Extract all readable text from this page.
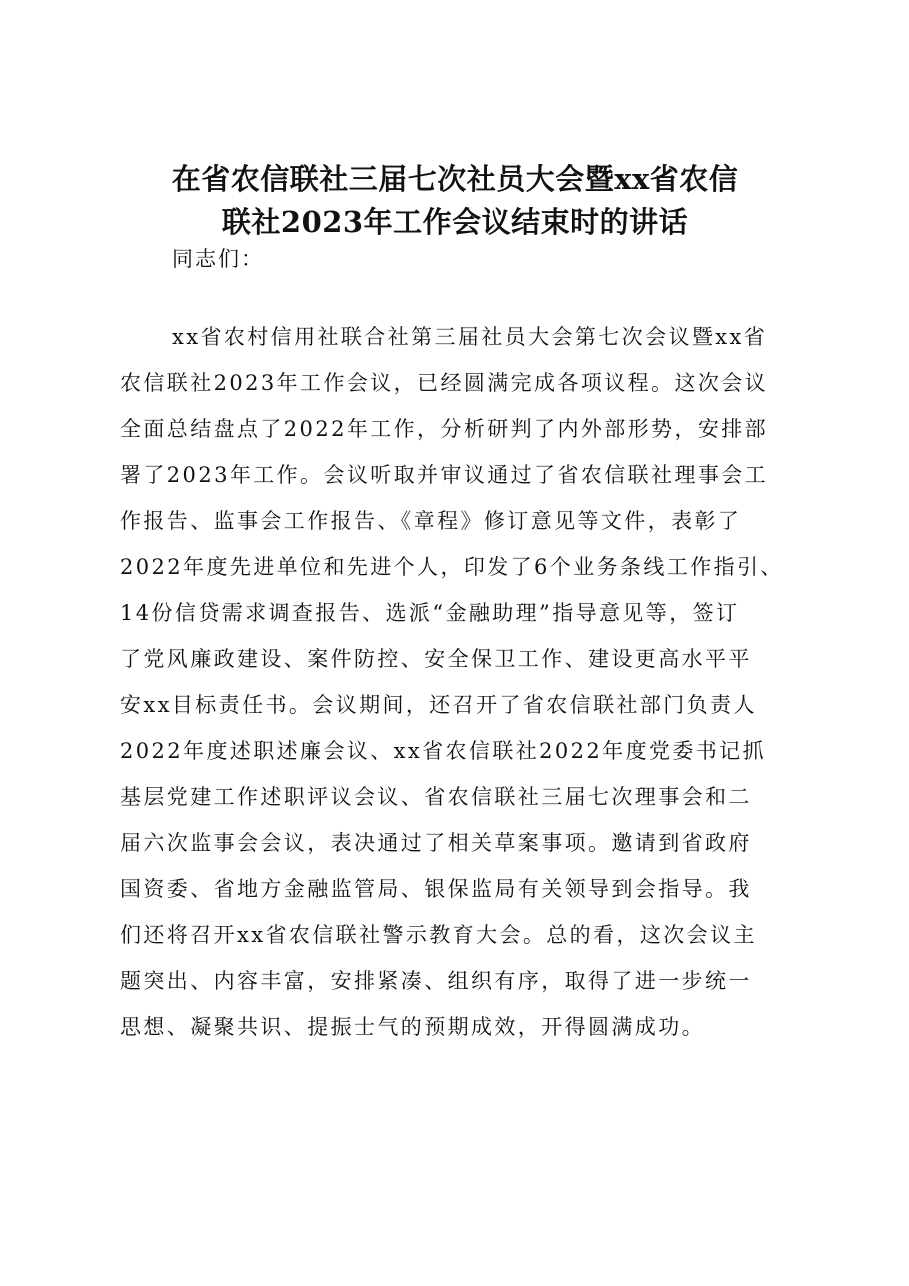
在省农信联社三届七次社员大会暨xx省农信
联社2023年工作会议结束时的讲话
同志们：
xx省农村信用社联合社第三届社员大会第七次会议暨xx省
农信联社2023年工作会议，已经圆满完成各项议程。这次会议
全面总结盘点了2022年工作，分析研判了内外部形势，安排部
署了2023年工作。会议听取并审议通过了省农信联社理事会工
作报告、监事会工作报告、《章程》修订意见等文件，表彰了
2022年度先进单位和先进个人，印发了6个业务条线工作指引、
14份信贷需求调查报告、选派“金融助理”指导意见等，签订
了党风廉政建设、案件防控、安全保卫工作、建设更高水平平
安xx目标责任书。会议期间，还召开了省农信联社部门负责人
2022年度述职述廉会议、xx省农信联社2022年度党委书记抓
基层党建工作述职评议会议、省农信联社三届七次理事会和二
届六次监事会会议，表决通过了相关草案事项。邀请到省政府
国资委、省地方金融监管局、银保监局有关领导到会指导。我
们还将召开xx省农信联社警示教育大会。总的看，这次会议主
题突出、内容丰富，安排紧凑、组织有序，取得了进一步统一
思想、凝聚共识、提振士气的预期成效，开得圆满成功。
